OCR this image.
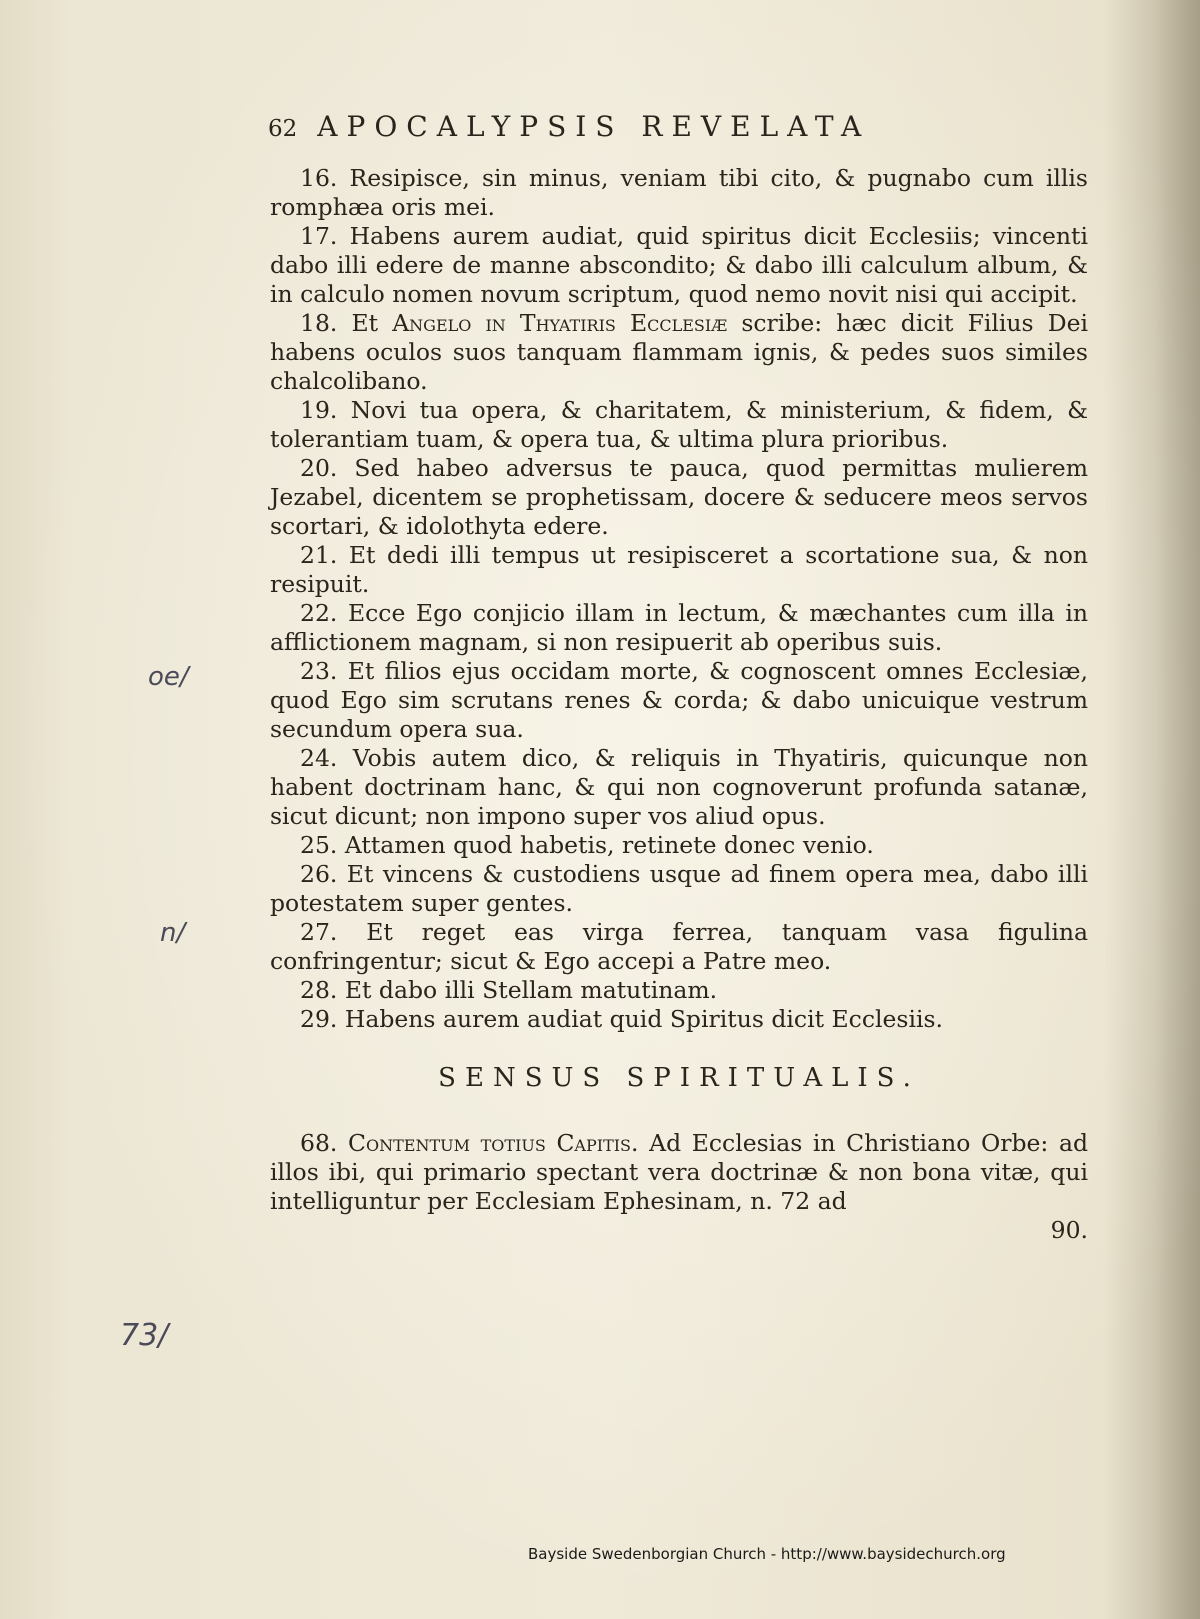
62 APOCALYPSIS REVELATA

16. Resipisce, sin minus, veniam tibi cito, & pugnabo cum illis romphæa oris mei.

17. Habens aurem audiat, quid spiritus dicit Ecclesiis; vincenti dabo illi edere de manne abscondito; & dabo illi calculum album, & in calculo nomen novum scriptum, quod nemo novit nisi qui accipit.

18. Et Angelo in Thyatiris Ecclesiæ scribe: hæc dicit Filius Dei habens oculos suos tanquam flammam ignis, & pedes suos similes chalcolibano.

19. Novi tua opera, & charitatem, & ministerium, & fidem, & tolerantiam tuam, & opera tua, & ultima plura prioribus.

20. Sed habeo adversus te pauca, quod permittas mulierem Jezabel, dicentem se prophetissam, docere & seducere meos servos scortari, & idolothyta edere.

21. Et dedi illi tempus ut resipisceret a scortatione sua, & non resipuit.

22. Ecce Ego conjicio illam in lectum, & mæchantes cum illa in afflictionem magnam, si non resipuerit ab operibus suis.

23. Et filios ejus occidam morte, & cognoscent omnes Ecclesiæ, quod Ego sim scrutans renes & corda; & dabo unicuique vestrum secundum opera sua.

24. Vobis autem dico, & reliquis in Thyatiris, quicunque non habent doctrinam hanc, & qui non cognoverunt profunda satanæ, sicut dicunt; non impono super vos aliud opus.

25. Attamen quod habetis, retinete donec venio.

26. Et vincens & custodiens usque ad finem opera mea, dabo illi potestatem super gentes.

27. Et reget eas virga ferrea, tanquam vasa figulina confringentur; sicut & Ego accepi a Patre meo.

28. Et dabo illi Stellam matutinam.

29. Habens aurem audiat quid Spiritus dicit Ecclesiis.

SENSUS SPIRITUALIS.

68. Contentum totius Capitis. Ad Ecclesias in Christiano Orbe: ad illos ibi, qui primario spectant vera doctrinæ & non bona vitæ, qui intelliguntur per Ecclesiam Ephesinam, n. 72 ad

90.

oe/
n/
73/
Bayside Swedenborgian Church - http://www.baysidechurch.org
